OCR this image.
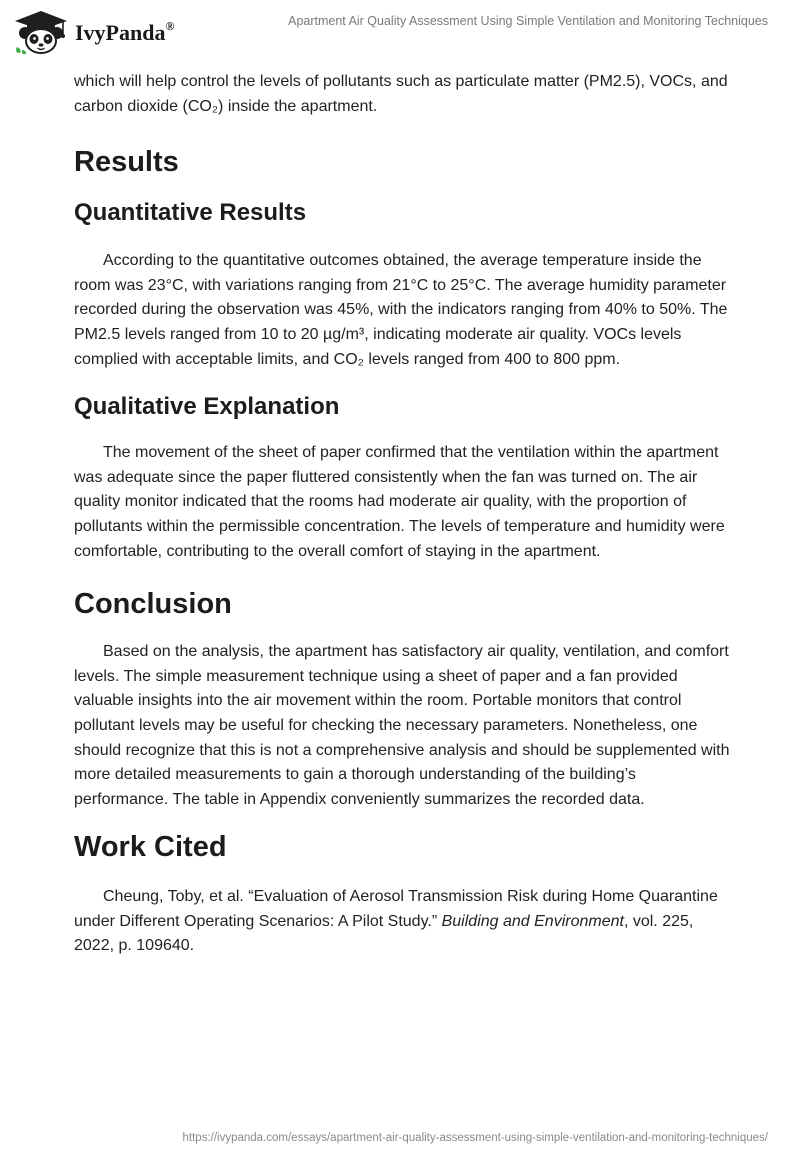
IvyPanda®	Apartment Air Quality Assessment Using Simple Ventilation and Monitoring Techniques

which will help control the levels of pollutants such as particulate matter (PM2.5), VOCs, and carbon dioxide (CO₂) inside the apartment.

Results
Quantitative Results

According to the quantitative outcomes obtained, the average temperature inside the room was 23°C, with variations ranging from 21°C to 25°C. The average humidity parameter recorded during the observation was 45%, with the indicators ranging from 40% to 50%. The PM2.5 levels ranged from 10 to 20 µg/m³, indicating moderate air quality. VOCs levels complied with acceptable limits, and CO₂ levels ranged from 400 to 800 ppm.

Qualitative Explanation

The movement of the sheet of paper confirmed that the ventilation within the apartment was adequate since the paper fluttered consistently when the fan was turned on. The air quality monitor indicated that the rooms had moderate air quality, with the proportion of pollutants within the permissible concentration. The levels of temperature and humidity were comfortable, contributing to the overall comfort of staying in the apartment.

Conclusion

Based on the analysis, the apartment has satisfactory air quality, ventilation, and comfort levels. The simple measurement technique using a sheet of paper and a fan provided valuable insights into the air movement within the room. Portable monitors that control pollutant levels may be useful for checking the necessary parameters. Nonetheless, one should recognize that this is not a comprehensive analysis and should be supplemented with more detailed measurements to gain a thorough understanding of the building’s performance. The table in Appendix conveniently summarizes the recorded data.

Work Cited

Cheung, Toby, et al. “Evaluation of Aerosol Transmission Risk during Home Quarantine under Different Operating Scenarios: A Pilot Study.” Building and Environment, vol. 225, 2022, p. 109640.

https://ivypanda.com/essays/apartment-air-quality-assessment-using-simple-ventilation-and-monitoring-techniques/
